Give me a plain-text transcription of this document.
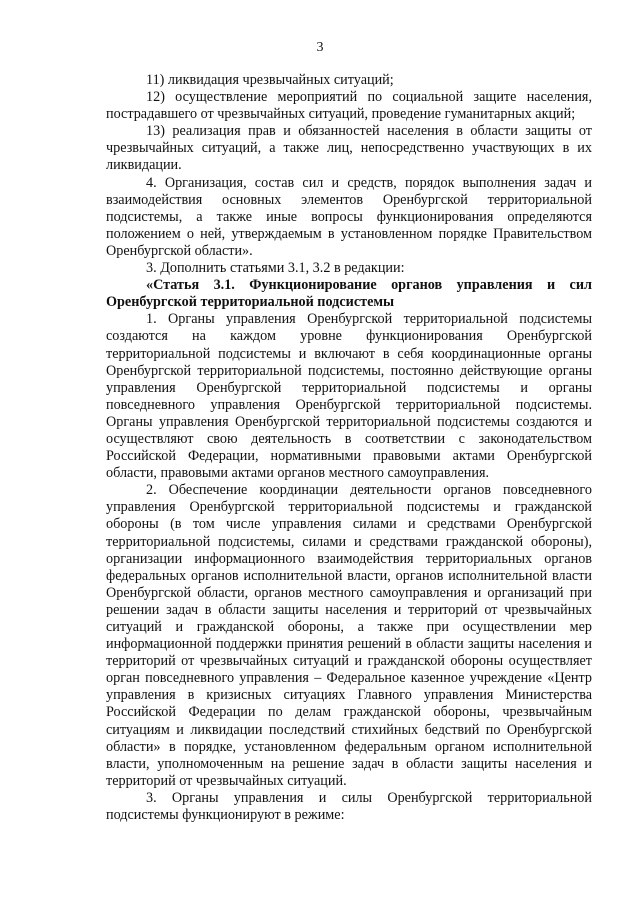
3

11) ликвидация чрезвычайных ситуаций;

12) осуществление мероприятий по социальной защите населения, пострадавшего от чрезвычайных ситуаций, проведение гуманитарных акций;

13) реализация прав и обязанностей населения в области защиты от чрезвычайных ситуаций, а также лиц, непосредственно участвующих в их ликвидации.

4. Организация, состав сил и средств, порядок выполнения задач и взаимодействия основных элементов Оренбургской территориальной подсистемы, а также иные вопросы функционирования определяются положением о ней, утверждаемым в установленном порядке Правительством Оренбургской области».

3. Дополнить статьями 3.1, 3.2 в редакции:

«Статья 3.1. Функционирование органов управления и сил Оренбургской территориальной подсистемы

1. Органы управления Оренбургской территориальной подсистемы создаются на каждом уровне функционирования Оренбургской территориальной подсистемы и включают в себя координационные органы Оренбургской территориальной подсистемы, постоянно действующие органы управления Оренбургской территориальной подсистемы и органы повседневного управления Оренбургской территориальной подсистемы. Органы управления Оренбургской территориальной подсистемы создаются и осуществляют свою деятельность в соответствии с законодательством Российской Федерации, нормативными правовыми актами Оренбургской области, правовыми актами органов местного самоуправления.

2. Обеспечение координации деятельности органов повседневного управления Оренбургской территориальной подсистемы и гражданской обороны (в том числе управления силами и средствами Оренбургской территориальной подсистемы, силами и средствами гражданской обороны), организации информационного взаимодействия территориальных органов федеральных органов исполнительной власти, органов исполнительной власти Оренбургской области, органов местного самоуправления и организаций при решении задач в области защиты населения и территорий от чрезвычайных ситуаций и гражданской обороны, а также при осуществлении мер информационной поддержки принятия решений в области защиты населения и территорий от чрезвычайных ситуаций и гражданской обороны осуществляет орган повседневного управления – Федеральное казенное учреждение «Центр управления в кризисных ситуациях Главного управления Министерства Российской Федерации по делам гражданской обороны, чрезвычайным ситуациям и ликвидации последствий стихийных бедствий по Оренбургской области» в порядке, установленном федеральным органом исполнительной власти, уполномоченным на решение задач в области защиты населения и территорий от чрезвычайных ситуаций.

3. Органы управления и силы Оренбургской территориальной подсистемы функционируют в режиме:
